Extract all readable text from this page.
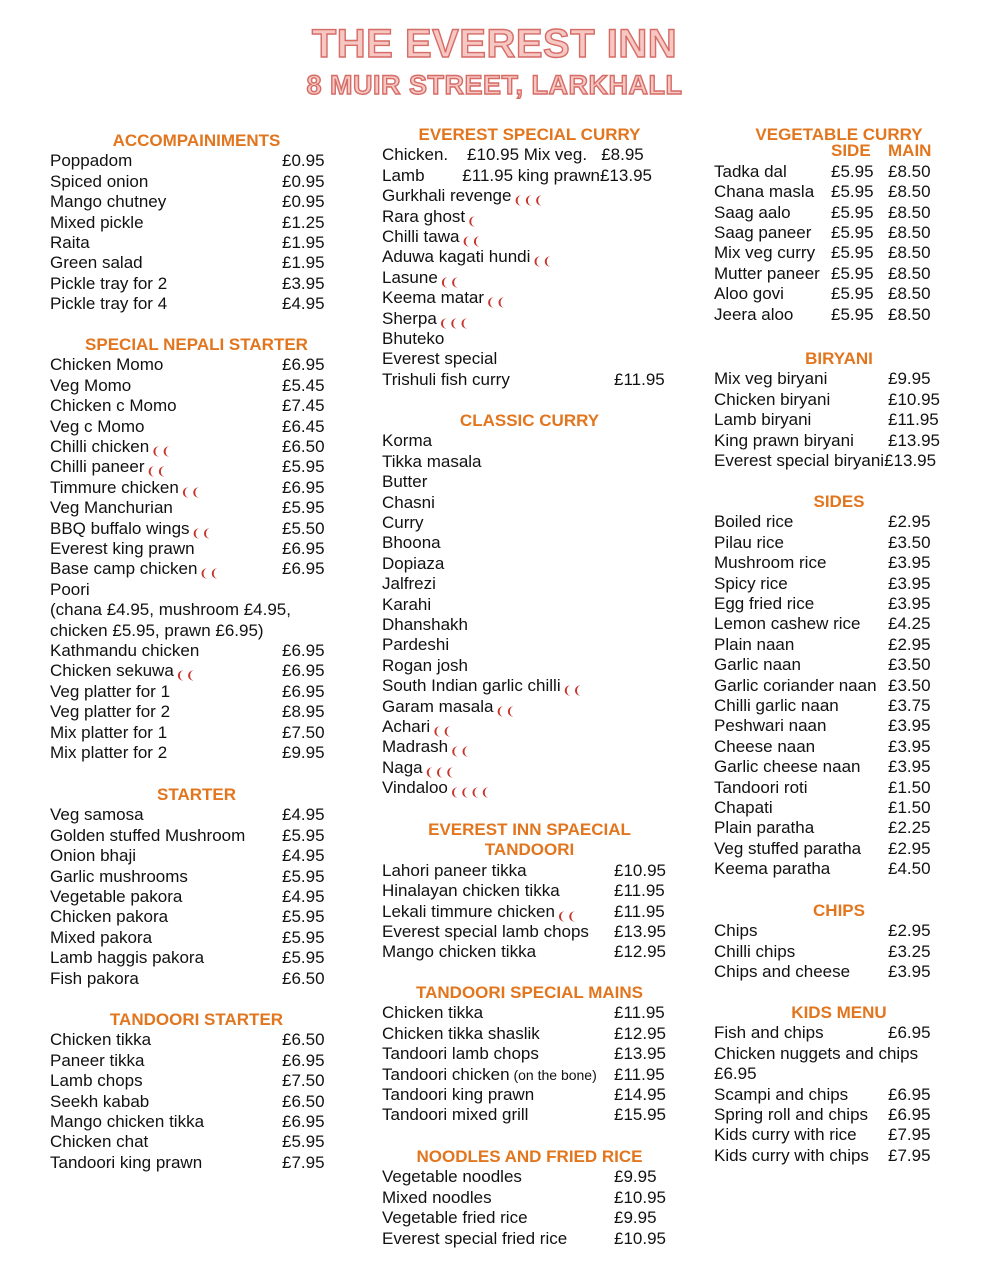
THE EVEREST INN
8 MUIR STREET, LARKHALL
ACCOMPAINIMENTS
Poppadom	£0.95
Spiced onion	£0.95
Mango chutney	£0.95
Mixed pickle	£1.25
Raita	£1.95
Green salad	£1.95
Pickle tray for 2	£3.95
Pickle tray for 4	£4.95
SPECIAL NEPALI STARTER
Chicken Momo	£6.95
Veg Momo	£5.45
Chicken c Momo	£7.45
Veg c Momo	£6.45
Chilli chicken ❨ ❨	£6.50
Chilli paneer ❨ ❨	£5.95
Timmure chicken ❨ ❨	£6.95
Veg Manchurian	£5.95
BBQ buffalo wings ❨ ❨	£5.50
Everest king prawn	£6.95
Base camp chicken ❨ ❨	£6.95
Poori
(chana £4.95, mushroom £4.95,
chicken £5.95, prawn £6.95)
Kathmandu chicken	£6.95
Chicken sekuwa ❨ ❨	£6.95
Veg platter for 1	£6.95
Veg platter for 2	£8.95
Mix platter for 1	£7.50
Mix platter for 2	£9.95
STARTER
Veg samosa	£4.95
Golden stuffed Mushroom £5.95
Onion bhaji	£4.95
Garlic mushrooms	£5.95
Vegetable pakora	£4.95
Chicken pakora	£5.95
Mixed pakora	£5.95
Lamb haggis pakora	£5.95
Fish pakora	£6.50
TANDOORI STARTER
Chicken tikka	£6.50
Paneer tikka	£6.95
Lamb chops	£7.50
Seekh kabab	£6.50
Mango chicken tikka	£6.95
Chicken chat	£5.95
Tandoori king prawn	£7.95
EVEREST SPECIAL CURRY
Chicken.    £10.95 Mix veg.   £8.95
Lamb        £11.95 king prawn£13.95
Gurkhali revenge ❨ ❨ ❨
Rara ghost ❨
Chilli tawa ❨ ❨
Aduwa kagati hundi ❨ ❨
Lasune ❨ ❨
Keema matar ❨ ❨
Sherpa ❨ ❨ ❨
Bhuteko
Everest special
Trishuli fish curry	£11.95
CLASSIC CURRY
Korma
Tikka masala
Butter
Chasni
Curry
Bhoona
Dopiaza
Jalfrezi
Karahi
Dhanshakh
Pardeshi
Rogan josh
South Indian garlic chilli ❨ ❨
Garam masala ❨ ❨
Achari ❨ ❨
Madrash ❨ ❨
Naga ❨ ❨ ❨
Vindaloo ❨ ❨ ❨ ❨
EVEREST INN SPAECIAL
TANDOORI
Lahori paneer tikka	£10.95
Hinalayan chicken tikka	£11.95
Lekali timmure chicken ❨ ❨ £11.95
Everest special lamb chops £13.95
Mango chicken tikka	£12.95
TANDOORI SPECIAL MAINS
Chicken tikka	£11.95
Chicken tikka shaslik	£12.95
Tandoori lamb chops	£13.95
Tandoori chicken (on the bone) £11.95
Tandoori king prawn	£14.95
Tandoori mixed grill	£15.95
NOODLES AND FRIED RICE
Vegetable noodles	£9.95
Mixed noodles	£10.95
Vegetable fried rice	£9.95
Everest special fried rice	£10.95
VEGETABLE CURRY
SIDE MAIN
Tadka dal	£5.95 £8.50
Chana masla £5.95 £8.50
Saag aalo £5.95 £8.50
Saag paneer £5.95 £8.50
Mix veg curry £5.95 £8.50
Mutter paneer £5.95 £8.50
Aloo govi	£5.95 £8.50
Jeera aloo £5.95 £8.50
BIRYANI
Mix veg biryani	£9.95
Chicken biryani	£10.95
Lamb biryani	£11.95
King prawn biryani £13.95
Everest special biryani£13.95
SIDES
Boiled rice	£2.95
Pilau rice	£3.50
Mushroom rice	£3.95
Spicy rice	£3.95
Egg fried rice	£3.95
Lemon cashew rice £4.25
Plain naan	£2.95
Garlic naan	£3.50
Garlic coriander naan £3.50
Chilli garlic naan	£3.75
Peshwari naan	£3.95
Cheese naan	£3.95
Garlic cheese naan £3.95
Tandoori roti	£1.50
Chapati	£1.50
Plain paratha	£2.25
Veg stuffed paratha £2.95
Keema paratha	£4.50
CHIPS
Chips	£2.95
Chilli chips	£3.25
Chips and cheese £3.95
KIDS MENU
Fish and chips	£6.95
Chicken nuggets and chips
£6.95
Scampi and chips £6.95
Spring roll and chips £6.95
Kids curry with rice £7.95
Kids curry with chips £7.95
